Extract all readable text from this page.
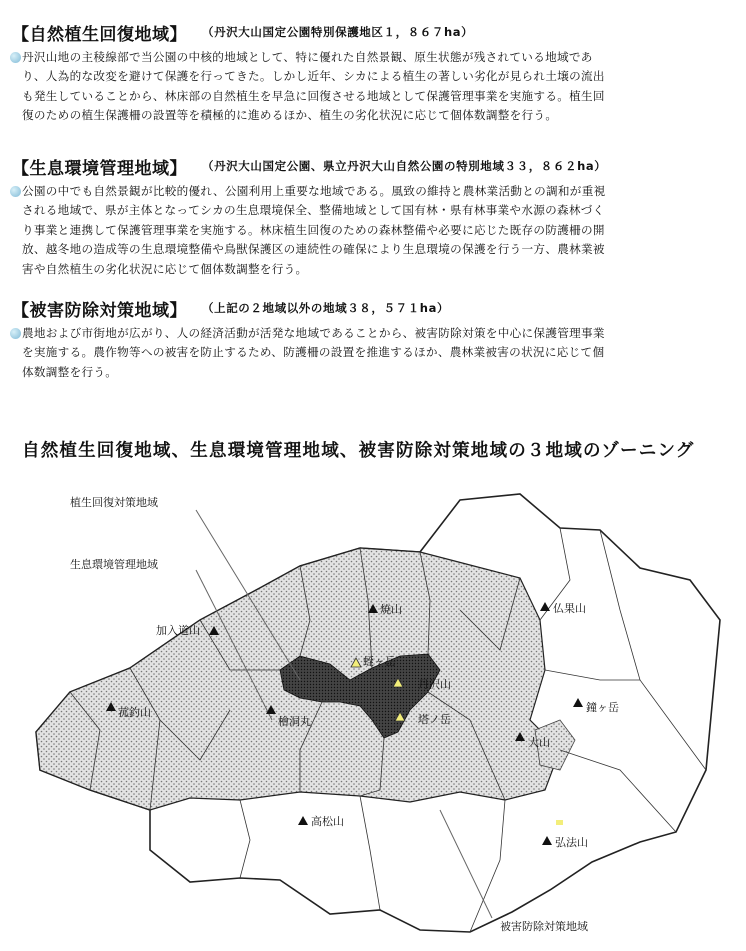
【自然植生回復地域】 （丹沢大山国定公園特別保護地区１，８６７ha）
丹沢山地の主稜線部で当公園の中核的地域として、特に優れた自然景観、原生状態が残されている地域であ
り、人為的な改変を避けて保護を行ってきた。しかし近年、シカによる植生の著しい劣化が見られ土壌の流出
も発生していることから、林床部の自然植生を早急に回復させる地域として保護管理事業を実施する。植生回
復のための植生保護柵の設置等を積極的に進めるほか、植生の劣化状況に応じて個体数調整を行う。
【生息環境管理地域】 （丹沢大山国定公園、県立丹沢大山自然公園の特別地域３３，８６２ha）
公園の中でも自然景観が比較的優れ、公園利用上重要な地域である。風致の維持と農林業活動との調和が重視
される地域で、県が主体となってシカの生息環境保全、整備地域として国有林・県有林事業や水源の森林づく
り事業と連携して保護管理事業を実施する。林床植生回復のための森林整備や必要に応じた既存の防護柵の開
放、越冬地の造成等の生息環境整備や鳥獣保護区の連続性の確保により生息環境の保護を行う一方、農林業被
害や自然植生の劣化状況に応じて個体数調整を行う。
【被害防除対策地域】 （上記の２地域以外の地域３８，５７１ha）
農地および市街地が広がり、人の経済活動が活発な地域であることから、被害防除対策を中心に保護管理事業
を実施する。農作物等への被害を防止するため、防護柵の設置を推進するほか、農林業被害の状況に応じて個
体数調整を行う。
自然植生回復地域、生息環境管理地域、被害防除対策地域の３地域のゾーニング
植生回復対策地域
生息環境管理地域
被害防除対策地域
蛭ヶ岳
丹沢山
塔ノ岳
焼山	仏果山
加入道山
菰釣山
檜洞丸
鐘ヶ岳
大山
高松山
弘法山
